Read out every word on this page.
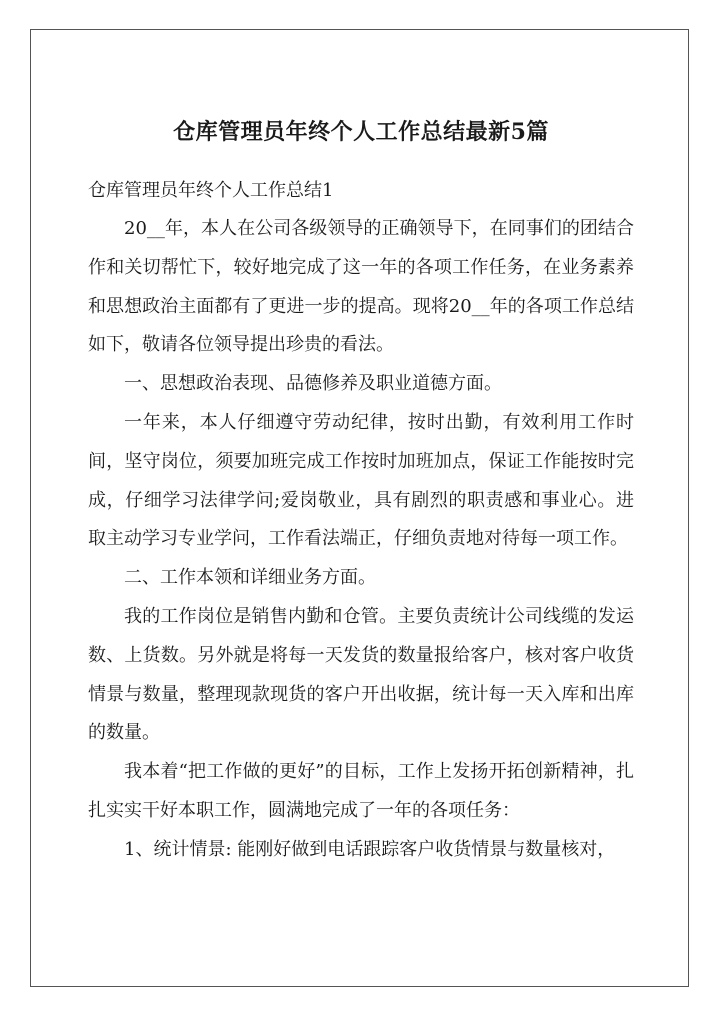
仓库管理员年终个人工作总结最新5篇
仓库管理员年终个人工作总结1

20__年，本人在公司各级领导的正确领导下，在同事们的团结合作和关切帮忙下，较好地完成了这一年的各项工作任务，在业务素养和思想政治主面都有了更进一步的提高。现将20__年的各项工作总结如下，敬请各位领导提出珍贵的看法。

一、思想政治表现、品德修养及职业道德方面。

一年来，本人仔细遵守劳动纪律，按时出勤，有效利用工作时间，坚守岗位，须要加班完成工作按时加班加点，保证工作能按时完成，仔细学习法律学问;爱岗敬业，具有剧烈的职责感和事业心。进取主动学习专业学问，工作看法端正，仔细负责地对待每一项工作。

二、工作本领和详细业务方面。

我的工作岗位是销售内勤和仓管。主要负责统计公司线缆的发运数、上货数。另外就是将每一天发货的数量报给客户，核对客户收货情景与数量，整理现款现货的客户开出收据，统计每一天入库和出库的数量。

我本着“把工作做的更好”的目标，工作上发扬开拓创新精神，扎扎实实干好本职工作，圆满地完成了一年的各项任务：

1、统计情景: 能刚好做到电话跟踪客户收货情景与数量核对，
